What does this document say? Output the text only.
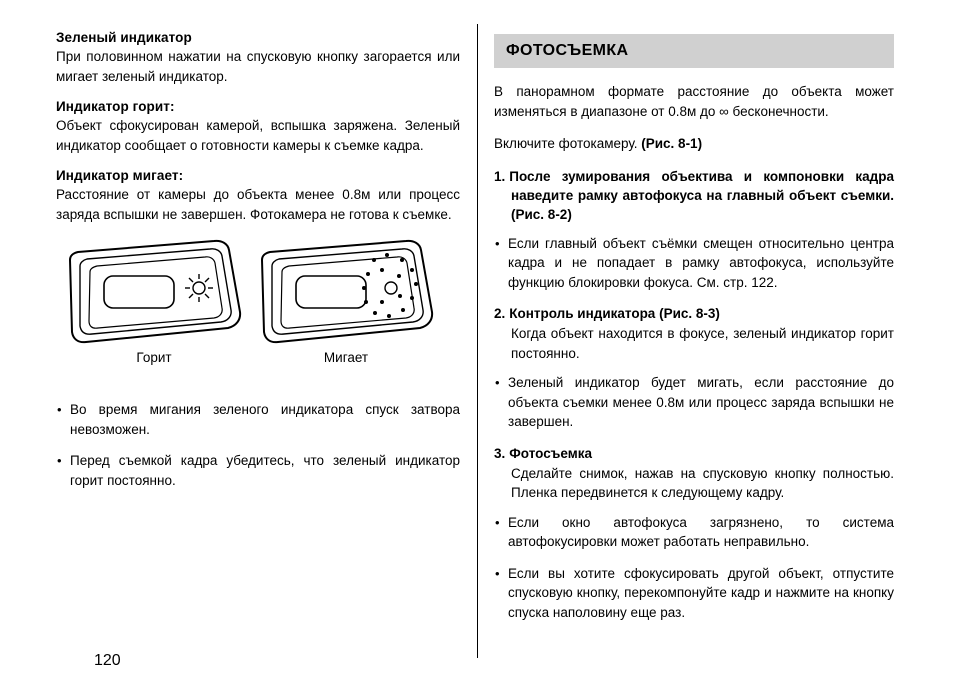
Зеленый индикатор

При половинном нажатии на спусковую кнопку загорается или мигает зеленый индикатор.

Индикатор горит:

Объект сфокусирован камерой, вспышка заряжена. Зеленый индикатор сообщает о готовности камеры к съемке кадра.

Индикатор мигает:

Расстояние от камеры до объекта менее 0.8м или процесс заряда вспышки не завершен. Фотокамера не готова к съемке.

Горит	Мигает

• Во время мигания зеленого индикатора спуск затвора невозможен.

• Перед съемкой кадра убедитесь, что зеленый индикатор горит постоянно.

120
ФОТОСЪЕМКА

В панорамном формате расстояние до объекта может изменяться в диапазоне от 0.8м до ∞ бесконечности.

Включите фотокамеру. (Рис. 8-1)

1. После зумирования объектива и компоновки кадра наведите рамку автофокуса на главный объект съемки. (Рис. 8-2)

• Если главный объект съёмки смещен относительно центра кадра и не попадает в рамку автофокуса, используйте функцию блокировки фокуса. См. стр. 122.

2. Контроль индикатора (Рис. 8-3)
Когда объект находится в фокусе, зеленый индикатор горит постоянно.

• Зеленый индикатор будет мигать, если расстояние до объекта съемки менее 0.8м или процесс заряда вспышки не завершен.

3. Фотосъемка
Сделайте снимок, нажав на спусковую кнопку полностью. Пленка передвинется к следующему кадру.

• Если окно автофокуса загрязнено, то система автофокусировки может работать неправильно.

• Если вы хотите сфокусировать другой объект, отпустите спусковую кнопку, перекомпонуйте кадр и нажмите на кнопку спуска наполовину еще раз.
